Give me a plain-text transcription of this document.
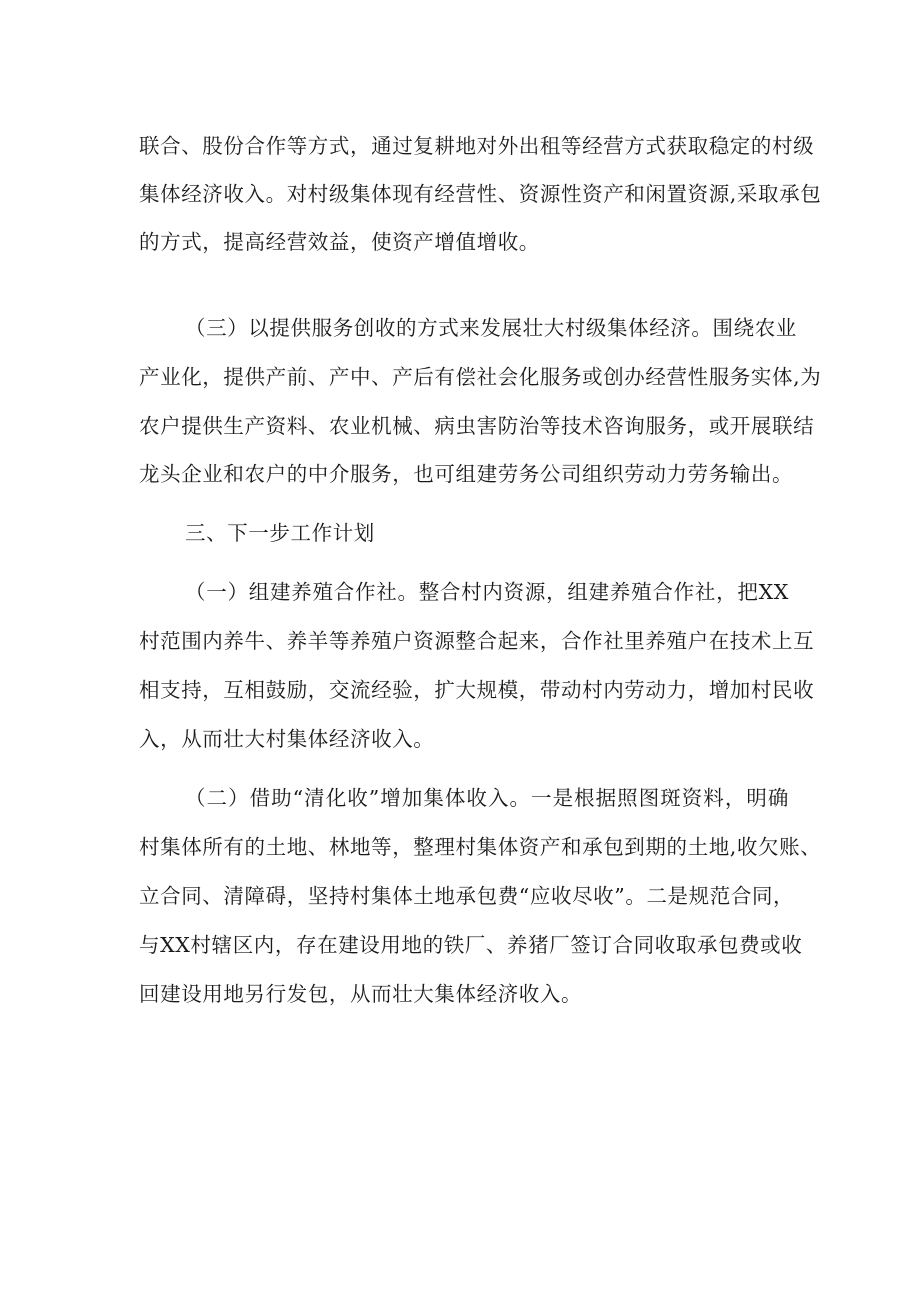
联合、股份合作等方式，通过复耕地对外出租等经营方式获取稳定的村级
集体经济收入。对村级集体现有经营性、资源性资产和闲置资源,采取承包
的方式，提高经营效益，使资产增值增收。
（三）以提供服务创收的方式来发展壮大村级集体经济。围绕农业
产业化，提供产前、产中、产后有偿社会化服务或创办经营性服务实体,为
农户提供生产资料、农业机械、病虫害防治等技术咨询服务，或开展联结
龙头企业和农户的中介服务，也可组建劳务公司组织劳动力劳务输出。
三、下一步工作计划
（一）组建养殖合作社。整合村内资源，组建养殖合作社，把XX
村范围内养牛、养羊等养殖户资源整合起来，合作社里养殖户在技术上互
相支持，互相鼓励，交流经验，扩大规模，带动村内劳动力，增加村民收
入，从而壮大村集体经济收入。
（二）借助“清化收”增加集体收入。一是根据照图斑资料，明确
村集体所有的土地、林地等，整理村集体资产和承包到期的土地,收欠账、
立合同、清障碍，坚持村集体土地承包费“应收尽收”。二是规范合同，
与XX村辖区内，存在建设用地的铁厂、养猪厂签订合同收取承包费或收
回建设用地另行发包，从而壮大集体经济收入。
